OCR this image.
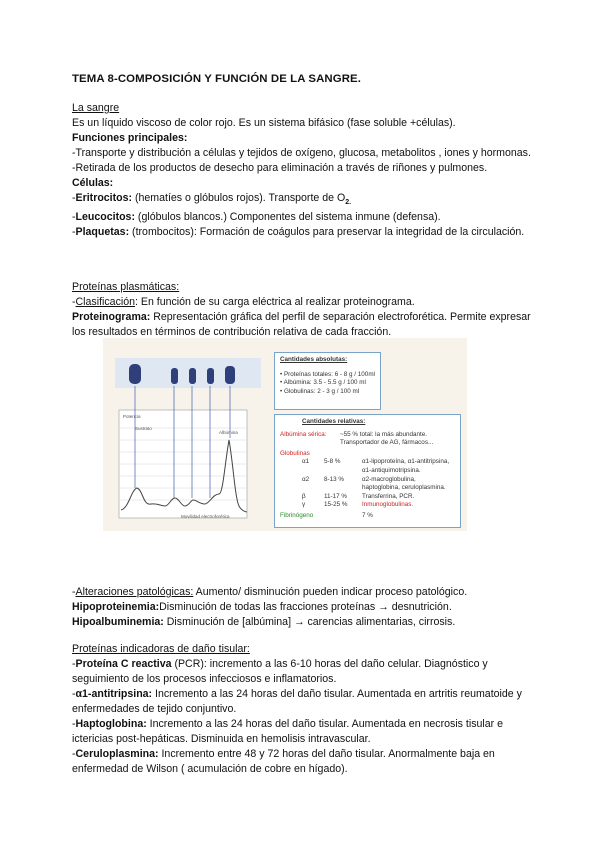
TEMA 8-COMPOSICIÓN Y FUNCIÓN DE LA SANGRE.

La sangre

Es un líquido viscoso de color rojo. Es un sistema bifásico (fase soluble +células).

Funciones principales:

-Transporte y distribución a células y tejidos de oxígeno, glucosa, metabolitos , iones y hormonas.

-Retirada de los productos de desecho para eliminación a través de riñones y pulmones.

Células:

-Eritrocitos: (hematíes o glóbulos rojos). Transporte de $O_{2.}$

-Leucocitos: (glóbulos blancos.) Componentes del sistema inmune (defensa).

-Plaquetas: (trombocitos): Formación de coágulos para preservar la integridad de la circulación.

Proteínas plasmáticas:

-Clasificación: En función de su carga eléctrica al realizar proteinograma.

Proteinograma: Representación gráfica del perfil de separación electroforética. Permite expresar los resultados en términos de contribución relativa de cada fracción.

Potencia
Sustrato
Albúmina
Movilidad electroforética
Cantidades absolutas:
• Proteínas totales: 6 - 8 g / 100ml
• Albúmina: 3.5 - 5.5 g / 100 ml
• Globulinas: 2 - 3 g / 100 ml
Cantidades relativas:
Albúmina sérica:	~55 % total: la más abundante. Transportador de AG, fármacos...
Globulinas
α1	5-8 %	α1-lipoproteína, α1-antitripsina, α1-antiquimotripsina.
α2	8-13 %	α2-macroglobulina, haptoglobina, ceruloplasmina.
β	11-17 %	Transferrina, PCR.
γ	15-25 %	Inmunoglobulinas.
Fibrinógeno	7 %

-Alteraciones patológicas: Aumento/ disminución pueden indicar proceso patológico.

Hipoproteinemia:Disminución de todas las fracciones proteínas → desnutrición.

Hipoalbuminemia: Disminución de [albúmina] → carencias alimentarias, cirrosis.

Proteínas indicadoras de daño tisular:

-Proteína C reactiva (PCR): incremento a las 6-10 horas del daño celular. Diagnóstico y seguimiento de los procesos infecciosos e inflamatorios.

-α1-antitripsina: Incremento a las 24 horas del daño tisular. Aumentada en artritis reumatoide y enfermedades de tejido conjuntivo.

-Haptoglobina: Incremento a las 24 horas del daño tisular. Aumentada en necrosis tisular e ictericias post-hepáticas. Disminuida en hemolisis intravascular.

-Ceruloplasmina: Incremento entre 48 y 72 horas del daño tisular. Anormalmente baja en enfermedad de Wilson ( acumulación de cobre en hígado).
